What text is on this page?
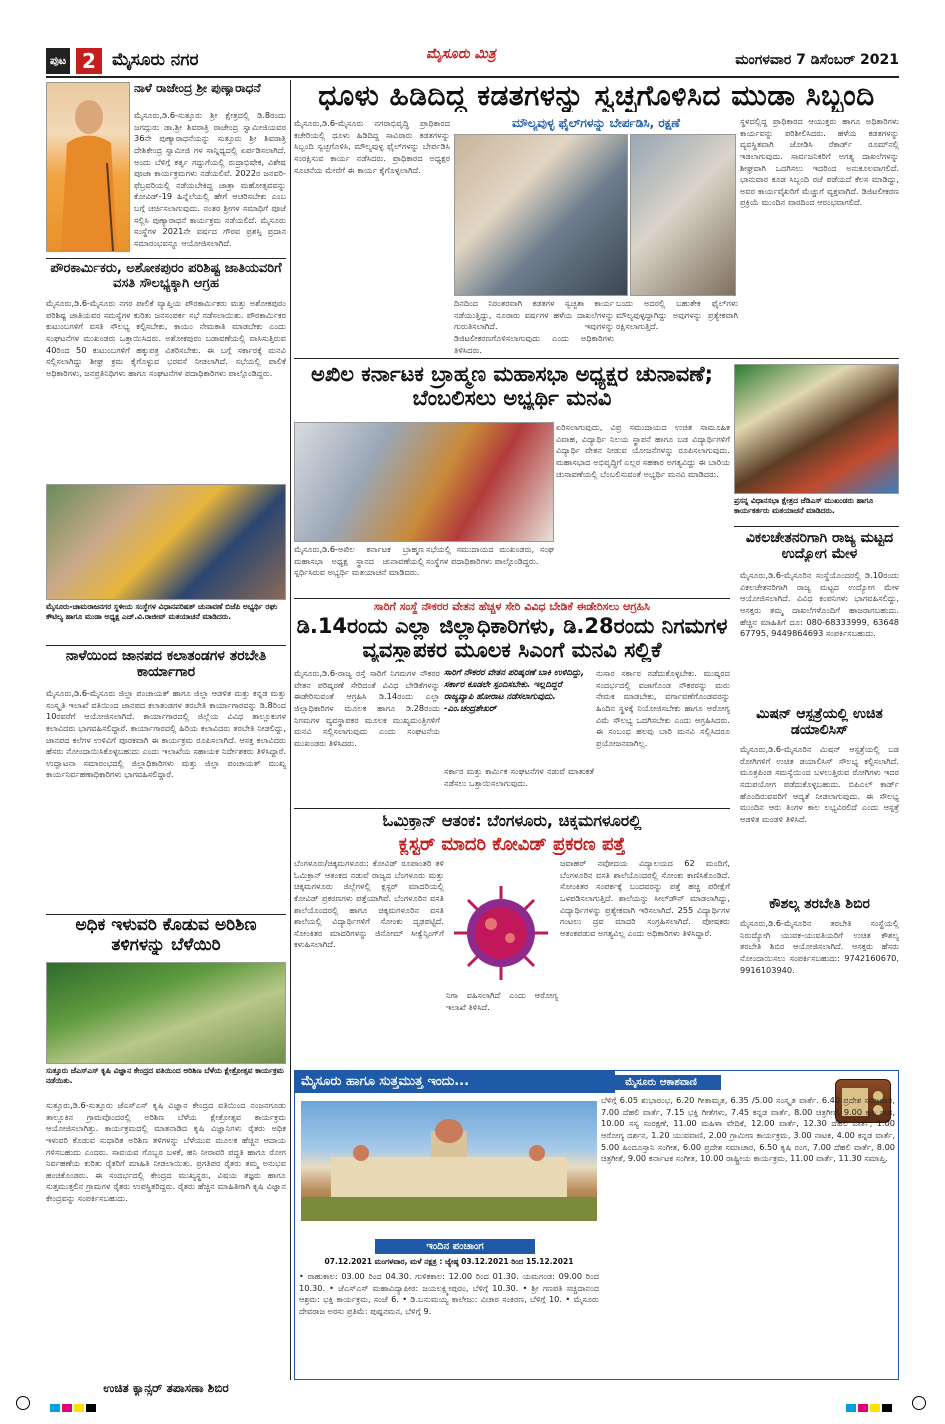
ಪುಟ 2 ಮೈಸೂರು ನಗರ	ಮೈಸೂರು ಮಿತ್ರ	ಮಂಗಳವಾರ 7 ಡಿಸೆಂಬರ್ 2021
ನಾಳೆ ರಾಜೇಂದ್ರ ಶ್ರೀ ಪುಣ್ಯಾರಾಧನೆ
ಮೈಸೂರು,ಡಿ.6-ಸುತ್ತೂರು ಶ್ರೀ ಕ್ಷೇತ್ರದಲ್ಲಿ ಡಿ.8ರಂದು ಜಗದ್ಗುರು ಡಾ.ಶ್ರೀ ಶಿವರಾತ್ರಿ ರಾಜೇಂದ್ರ ಸ್ವಾಮೀಜಿಯವರ 36ನೇ ಪುಣ್ಯಾರಾಧನೆಯನ್ನು ಸುತ್ತೂರು ಶ್ರೀ ಶಿವರಾತ್ರಿ ದೇಶಿಕೇಂದ್ರ ಸ್ವಾಮೀಜಿ ಗಳ ಸಾನ್ನಿಧ್ಯದಲ್ಲಿ ಏರ್ಪಡಿಸಲಾಗಿದೆ. ಅಂದು ಬೆಳಿಗ್ಗೆ ಕರ್ತೃ ಗದ್ದುಗೆಯಲ್ಲಿ ರುದ್ರಾಭಿಷೇಕ, ವಿಶೇಷ ಪೂಜಾ ಕಾರ್ಯಕ್ರಮಗಳು ನಡೆಯಲಿವೆ. 2022ರ ಜನವರಿ-ಫೆಬ್ರವರಿಯಲ್ಲಿ ನಡೆಯಬೇಕಿದ್ದ ಜಾತ್ರಾ ಮಹೋತ್ಸವವನ್ನು ಕೋವಿಡ್-19 ಹಿನ್ನೆಲೆಯಲ್ಲಿ ಹೇಗೆ ಆಚರಿಸಬೇಕು ಎಂಬ ಬಗ್ಗೆ ಚರ್ಚಿಸಲಾಗುವುದು. ನಂತರ ಶ್ರೀಗಳ ಸಮಾಧಿಗೆ ಪೂಜೆ ಸಲ್ಲಿಸಿ ಪುಣ್ಯಾರಾಧನೆ ಕಾರ್ಯಕ್ರಮ ನಡೆಯಲಿದೆ. ಮೈಸೂರು ಸಂಸ್ಥೆಗಳ 2021ನೇ ವರ್ಷದ ಗೌರವ ಪ್ರಶಸ್ತಿ ಪ್ರದಾನ ಸಮಾರಂಭವನ್ನೂ ಆಯೋಜಿಸಲಾಗಿದೆ.
ಪೌರಕಾರ್ಮಿಕರು, ಅಶೋಕಪುರಂ ಪರಿಶಿಷ್ಟ ಜಾತಿಯವರಿಗೆ ವಸತಿ ಸೌಲಭ್ಯಕ್ಕಾಗಿ ಆಗ್ರಹ
ಮೈಸೂರು,ಡಿ.6-ಮೈಸೂರು ನಗರ ಪಾಲಿಕೆ ವ್ಯಾಪ್ತಿಯ ಪೌರಕಾರ್ಮಿಕರು ಮತ್ತು ಅಶೋಕಪುರಂ ಪರಿಶಿಷ್ಟ ಜಾತಿಯವರ ಸಮಸ್ಯೆಗಳ ಕುರಿತು ಜನಸಂಪರ್ಕ ಸಭೆ ನಡೆಸಲಾಯಿತು. ಪೌರಕಾರ್ಮಿಕರ ಕುಟುಂಬಗಳಿಗೆ ವಸತಿ ಸೌಲಭ್ಯ ಕಲ್ಪಿಸಬೇಕು, ಕಾಯಂ ನೇಮಕಾತಿ ಮಾಡಬೇಕು ಎಂದು ಸಂಘಟನೆಗಳ ಮುಖಂಡರು ಒತ್ತಾಯಿಸಿದರು. ಅಶೋಕಪುರಂ ಬಡಾವಣೆಯಲ್ಲಿ ವಾಸಿಸುತ್ತಿರುವ 40ರಿಂದ 50 ಕುಟುಂಬಗಳಿಗೆ ಹಕ್ಕುಪತ್ರ ವಿತರಿಸಬೇಕು. ಈ ಬಗ್ಗೆ ಸರ್ಕಾರಕ್ಕೆ ಮನವಿ ಸಲ್ಲಿಸಲಾಗಿದ್ದು ಶೀಘ್ರ ಕ್ರಮ ಕೈಗೊಳ್ಳುವ ಭರವಸೆ ನೀಡಲಾಗಿದೆ. ಸಭೆಯಲ್ಲಿ ಪಾಲಿಕೆ ಅಧಿಕಾರಿಗಳು, ಜನಪ್ರತಿನಿಧಿಗಳು ಹಾಗೂ ಸಂಘಟನೆಗಳ ಪದಾಧಿಕಾರಿಗಳು ಪಾಲ್ಗೊಂಡಿದ್ದರು.
ಮೈಸೂರು-ಚಾಮರಾಜನಗರ ಸ್ಥಳೀಯ ಸಂಸ್ಥೆಗಳ ವಿಧಾನಪರಿಷತ್ ಚುನಾವಣೆ ಬಿಜೆಪಿ ಅಭ್ಯರ್ಥಿ ರಘು ಕೌಟಿಲ್ಯ ಹಾಗೂ ಮುಡಾ ಅಧ್ಯಕ್ಷ ಎಚ್.ವಿ.ರಾಜೀವ್ ಮತಯಾಚನೆ ಮಾಡಿದರು.
ನಾಳೆಯಿಂದ ಜಾನಪದ ಕಲಾತಂಡಗಳ ತರಬೇತಿ ಕಾರ್ಯಾಗಾರ
ಮೈಸೂರು,ಡಿ.6-ಮೈಸೂರು ಜಿಲ್ಲಾ ಪಂಚಾಯತ್ ಹಾಗೂ ಜಿಲ್ಲಾ ಆಡಳಿತ ಮತ್ತು ಕನ್ನಡ ಮತ್ತು ಸಂಸ್ಕೃತಿ ಇಲಾಖೆ ವತಿಯಿಂದ ಜಾನಪದ ಕಲಾತಂಡಗಳ ತರಬೇತಿ ಕಾರ್ಯಾಗಾರವನ್ನು ಡಿ.8ರಿಂದ 10ರವರೆಗೆ ಆಯೋಜಿಸಲಾಗಿದೆ. ಕಾರ್ಯಾಗಾರದಲ್ಲಿ ಜಿಲ್ಲೆಯ ವಿವಿಧ ತಾಲ್ಲೂಕುಗಳ ಕಲಾವಿದರು ಭಾಗವಹಿಸಲಿದ್ದಾರೆ. ಕಾರ್ಯಾಗಾರದಲ್ಲಿ ಹಿರಿಯ ಕಲಾವಿದರು ತರಬೇತಿ ನೀಡಲಿದ್ದು, ಜಾನಪದ ಕಲೆಗಳ ಉಳಿವಿಗೆ ಪೂರಕವಾಗಿ ಈ ಕಾರ್ಯಕ್ರಮ ರೂಪಿಸಲಾಗಿದೆ. ಆಸಕ್ತ ಕಲಾವಿದರು ಹೆಸರು ನೋಂದಾಯಿಸಿಕೊಳ್ಳಬಹುದು ಎಂದು ಇಲಾಖೆಯ ಸಹಾಯಕ ನಿರ್ದೇಶಕರು ತಿಳಿಸಿದ್ದಾರೆ. ಉದ್ಘಾಟನಾ ಸಮಾರಂಭದಲ್ಲಿ ಜಿಲ್ಲಾಧಿಕಾರಿಗಳು ಮತ್ತು ಜಿಲ್ಲಾ ಪಂಚಾಯತ್ ಮುಖ್ಯ ಕಾರ್ಯನಿರ್ವಹಣಾಧಿಕಾರಿಗಳು ಭಾಗವಹಿಸಲಿದ್ದಾರೆ.
ಅಧಿಕ ಇಳುವರಿ ಕೊಡುವ ಅರಿಶಿಣ ತಳಿಗಳನ್ನು ಬೆಳೆಯಿರಿ
ಸುತ್ತೂರು ಜೆಎಸ್‌ಎಸ್ ಕೃಷಿ ವಿಜ್ಞಾನ ಕೇಂದ್ರದ ವತಿಯಿಂದ ಅರಿಶಿಣ ಬೆಳೆಯ ಕ್ಷೇತ್ರೋತ್ಸವ ಕಾರ್ಯಕ್ರಮ ನಡೆಯಿತು.
ಸುತ್ತೂರು,ಡಿ.6-ಸುತ್ತೂರು ಜೆಎಸ್‌ಎಸ್ ಕೃಷಿ ವಿಜ್ಞಾನ ಕೇಂದ್ರದ ವತಿಯಿಂದ ನಂಜನಗೂಡು ತಾಲ್ಲೂಕಿನ ಗ್ರಾಮವೊಂದರಲ್ಲಿ ಅರಿಶಿಣ ಬೆಳೆಯ ಕ್ಷೇತ್ರೋತ್ಸವ ಕಾರ್ಯಕ್ರಮ ಆಯೋಜಿಸಲಾಗಿತ್ತು. ಕಾರ್ಯಕ್ರಮದಲ್ಲಿ ಮಾತನಾಡಿದ ಕೃಷಿ ವಿಜ್ಞಾನಿಗಳು ರೈತರು ಅಧಿಕ ಇಳುವರಿ ಕೊಡುವ ಸುಧಾರಿತ ಅರಿಶಿಣ ತಳಿಗಳನ್ನು ಬೆಳೆಯುವ ಮೂಲಕ ಹೆಚ್ಚಿನ ಆದಾಯ ಗಳಿಸಬಹುದು ಎಂದರು. ಸಾವಯವ ಗೊಬ್ಬರ ಬಳಕೆ, ಹನಿ ನೀರಾವರಿ ಪದ್ಧತಿ ಹಾಗೂ ರೋಗ ನಿರ್ವಹಣೆಯ ಕುರಿತು ರೈತರಿಗೆ ಮಾಹಿತಿ ನೀಡಲಾಯಿತು. ಪ್ರಗತಿಪರ ರೈತರು ತಮ್ಮ ಅನುಭವ ಹಂಚಿಕೊಂಡರು. ಈ ಸಂದರ್ಭದಲ್ಲಿ ಕೇಂದ್ರದ ಮುಖ್ಯಸ್ಥರು, ವಿಷಯ ತಜ್ಞರು ಹಾಗೂ ಸುತ್ತಮುತ್ತಲಿನ ಗ್ರಾಮಗಳ ರೈತರು ಉಪಸ್ಥಿತರಿದ್ದರು. ರೈತರು ಹೆಚ್ಚಿನ ಮಾಹಿತಿಗಾಗಿ ಕೃಷಿ ವಿಜ್ಞಾನ ಕೇಂದ್ರವನ್ನು ಸಂಪರ್ಕಿಸಬಹುದು.
ಉಚಿತ ಕ್ಯಾನ್ಸರ್ ತಪಾಸಣಾ ಶಿಬಿರ
ಧೂಳು ಹಿಡಿದಿದ್ದ ಕಡತಗಳನ್ನು ಸ್ವಚ್ಛಗೊಳಿಸಿದ ಮುಡಾ ಸಿಬ್ಬಂದಿ
ಮೌಲ್ಯವುಳ್ಳ ಫೈಲ್‌ಗಳನ್ನು ಬೇರ್ಪಡಿಸಿ, ರಕ್ಷಣೆ
ಮೈಸೂರು,ಡಿ.6-ಮೈಸೂರು ನಗರಾಭಿವೃದ್ಧಿ ಪ್ರಾಧಿಕಾರದ ಕಚೇರಿಯಲ್ಲಿ ಧೂಳು ಹಿಡಿದಿದ್ದ ಸಾವಿರಾರು ಕಡತಗಳನ್ನು ಸಿಬ್ಬಂದಿ ಸ್ವಚ್ಛಗೊಳಿಸಿ, ಮೌಲ್ಯವುಳ್ಳ ಫೈಲ್‌ಗಳನ್ನು ಬೇರ್ಪಡಿಸಿ ಸಂರಕ್ಷಿಸುವ ಕಾರ್ಯ ನಡೆಸಿದರು. ಪ್ರಾಧಿಕಾರದ ಅಧ್ಯಕ್ಷರ ಸೂಚನೆಯ ಮೇರೆಗೆ ಈ ಕಾರ್ಯ ಕೈಗೊಳ್ಳಲಾಗಿದೆ.
ದಿನದಿಂದ ನಿರಂತರವಾಗಿ ಕಡತಗಳ ಸ್ವಚ್ಛತಾ ಕಾರ್ಯ ನಡೆಯುತ್ತಿದ್ದು, ನೂರಾರು ವರ್ಷಗಳ ಹಳೆಯ ದಾಖಲೆಗಳನ್ನು ಗುರುತಿಸಲಾಗಿದೆ. ಇವುಗಳನ್ನು ಡಿಜಿಟಲೀಕರಣಗೊಳಿಸಲಾಗುವುದು ಎಂದು ಅಧಿಕಾರಿಗಳು ತಿಳಿಸಿದರು.
ಬಂದು ಅದರಲ್ಲಿ ಬಹುತೇಕ ಫೈಲ್‌ಗಳು ಮೌಲ್ಯವುಳ್ಳದ್ದಾಗಿದ್ದು ಅವುಗಳನ್ನು ಪ್ರತ್ಯೇಕವಾಗಿ ರಕ್ಷಿಸಲಾಗುತ್ತಿದೆ.
ಸ್ಥಳದಲ್ಲಿದ್ದ ಪ್ರಾಧಿಕಾರದ ಆಯುಕ್ತರು ಹಾಗೂ ಅಧಿಕಾರಿಗಳು ಕಾರ್ಯವನ್ನು ಪರಿಶೀಲಿಸಿದರು. ಹಳೆಯ ಕಡತಗಳನ್ನು ವ್ಯವಸ್ಥಿತವಾಗಿ ಜೋಡಿಸಿ ರೆಕಾರ್ಡ್ ರೂಮ್‌ನಲ್ಲಿ ಇಡಲಾಗುವುದು. ಸಾರ್ವಜನಿಕರಿಗೆ ಅಗತ್ಯ ದಾಖಲೆಗಳನ್ನು ಶೀಘ್ರವಾಗಿ ಒದಗಿಸಲು ಇದರಿಂದ ಅನುಕೂಲವಾಗಲಿದೆ. ಭಾನುವಾರ ಕೂಡ ಸಿಬ್ಬಂದಿ ರಜೆ ಪಡೆಯದೆ ಕೆಲಸ ಮಾಡಿದ್ದು, ಅವರ ಕಾರ್ಯವೈಖರಿಗೆ ಮೆಚ್ಚುಗೆ ವ್ಯಕ್ತವಾಗಿದೆ. ಡಿಜಿಟಲೀಕರಣ ಪ್ರಕ್ರಿಯೆ ಮುಂದಿನ ವಾರದಿಂದ ಆರಂಭವಾಗಲಿದೆ.
ಅಖಿಲ ಕರ್ನಾಟಕ ಬ್ರಾಹ್ಮಣ ಮಹಾಸಭಾ ಅಧ್ಯಕ್ಷರ ಚುನಾವಣೆ; ಬೆಂಬಲಿಸಲು ಅಭ್ಯರ್ಥಿ ಮನವಿ
ಏರಿಸಲಾಗುವುದು, ವಿಪ್ರ ಸಮುದಾಯದ ಉಚಿತ ಸಾಮೂಹಿಕ ವಿವಾಹ, ವಿದ್ಯಾರ್ಥಿ ನಿಲಯ ಸ್ಥಾಪನೆ ಹಾಗೂ ಬಡ ವಿದ್ಯಾರ್ಥಿಗಳಿಗೆ ವಿದ್ಯಾರ್ಥಿ ವೇತನ ನೀಡುವ ಯೋಜನೆಗಳನ್ನು ರೂಪಿಸಲಾಗುವುದು. ಮಹಾಸಭಾದ ಅಭಿವೃದ್ಧಿಗೆ ಎಲ್ಲರ ಸಹಕಾರ ಅಗತ್ಯವಿದ್ದು ಈ ಬಾರಿಯ ಚುನಾವಣೆಯಲ್ಲಿ ಬೆಂಬಲಿಸುವಂತೆ ಅಭ್ಯರ್ಥಿ ಮನವಿ ಮಾಡಿದರು.
ಮೈಸೂರು,ಡಿ.6-ಅಖಿಲ ಕರ್ನಾಟಕ ಬ್ರಾಹ್ಮಣ ಮಹಾಸಭಾ ಅಧ್ಯಕ್ಷ ಸ್ಥಾನದ ಚುನಾವಣೆಯಲ್ಲಿ ಸ್ಪರ್ಧಿಸಿರುವ ಅಭ್ಯರ್ಥಿ ಮತಯಾಚನೆ ಮಾಡಿದರು.
ಸಭೆಯಲ್ಲಿ ಸಮುದಾಯದ ಮುಖಂಡರು, ಸಂಘ ಸಂಸ್ಥೆಗಳ ಪದಾಧಿಕಾರಿಗಳು ಪಾಲ್ಗೊಂಡಿದ್ದರು.
ಪ್ರಸನ್ನ ವಿಧಾನಸಭಾ ಕ್ಷೇತ್ರದ ಜೆಡಿಎಸ್ ಮುಖಂಡರು ಹಾಗೂ ಕಾರ್ಯಕರ್ತರು ಮತಯಾಚನೆ ಮಾಡಿದರು.
ವಿಕಲಚೇತನರಿಗಾಗಿ ರಾಜ್ಯ ಮಟ್ಟದ ಉದ್ಯೋಗ ಮೇಳ
ಮೈಸೂರು,ಡಿ.6-ಮೈಸೂರಿನ ಸಂಸ್ಥೆಯೊಂದರಲ್ಲಿ ಡಿ.10ರಂದು ವಿಕಲಚೇತನರಿಗಾಗಿ ರಾಜ್ಯ ಮಟ್ಟದ ಉದ್ಯೋಗ ಮೇಳ ಆಯೋಜಿಸಲಾಗಿದೆ. ವಿವಿಧ ಕಂಪನಿಗಳು ಭಾಗವಹಿಸಲಿದ್ದು, ಆಸಕ್ತರು ತಮ್ಮ ದಾಖಲೆಗಳೊಂದಿಗೆ ಹಾಜರಾಗಬಹುದು. ಹೆಚ್ಚಿನ ಮಾಹಿತಿಗೆ ದೂ: 080-68333999, 63648 67795, 9449864693 ಸಂಪರ್ಕಿಸಬಹುದು.
ಮಿಷನ್ ಆಸ್ಪತ್ರೆಯಲ್ಲಿ ಉಚಿತ ಡಯಾಲಿಸಿಸ್
ಮೈಸೂರು,ಡಿ.6-ಮೈಸೂರಿನ ಮಿಷನ್ ಆಸ್ಪತ್ರೆಯಲ್ಲಿ ಬಡ ರೋಗಿಗಳಿಗೆ ಉಚಿತ ಡಯಾಲಿಸಿಸ್ ಸೌಲಭ್ಯ ಕಲ್ಪಿಸಲಾಗಿದೆ. ಮೂತ್ರಪಿಂಡ ಸಮಸ್ಯೆಯಿಂದ ಬಳಲುತ್ತಿರುವ ರೋಗಿಗಳು ಇದರ ಸದುಪಯೋಗ ಪಡೆದುಕೊಳ್ಳಬಹುದು. ಬಿಪಿಎಲ್ ಕಾರ್ಡ್ ಹೊಂದಿರುವವರಿಗೆ ಆದ್ಯತೆ ನೀಡಲಾಗುವುದು. ಈ ಸೌಲಭ್ಯ ಮುಂದಿನ ಆರು ತಿಂಗಳ ಕಾಲ ಲಭ್ಯವಿರಲಿದೆ ಎಂದು ಆಸ್ಪತ್ರೆ ಆಡಳಿತ ಮಂಡಳಿ ತಿಳಿಸಿದೆ.
ಕೌಶಲ್ಯ ತರಬೇತಿ ಶಿಬಿರ
ಮೈಸೂರು,ಡಿ.6-ಮೈಸೂರಿನ ತರಬೇತಿ ಸಂಸ್ಥೆಯಲ್ಲಿ ನಿರುದ್ಯೋಗಿ ಯುವಕ-ಯುವತಿಯರಿಗೆ ಉಚಿತ ಕೌಶಲ್ಯ ತರಬೇತಿ ಶಿಬಿರ ಆಯೋಜಿಸಲಾಗಿದೆ. ಆಸಕ್ತರು ಹೆಸರು ನೋಂದಾಯಿಸಲು ಸಂಪರ್ಕಿಸಬಹುದು: 9742160670, 9916103940.
ಸಾರಿಗೆ ಸಂಸ್ಥೆ ನೌಕರರ ವೇತನ ಹೆಚ್ಚಳ ಸೇರಿ ವಿವಿಧ ಬೇಡಿಕೆ ಈಡೇರಿಸಲು ಆಗ್ರಹಿಸಿ
ಡಿ.14ರಂದು ಎಲ್ಲಾ ಜಿಲ್ಲಾಧಿಕಾರಿಗಳು, ಡಿ.28ರಂದು ನಿಗಮಗಳ ವ್ಯವಸ್ಥಾಪಕರ ಮೂಲಕ ಸಿಎಂಗೆ ಮನವಿ ಸಲ್ಲಿಕೆ
ಮೈಸೂರು,ಡಿ.6-ರಾಜ್ಯ ರಸ್ತೆ ಸಾರಿಗೆ ನಿಗಮಗಳ ನೌಕರರ ವೇತನ ಪರಿಷ್ಕರಣೆ ಸೇರಿದಂತೆ ವಿವಿಧ ಬೇಡಿಕೆಗಳನ್ನು ಈಡೇರಿಸುವಂತೆ ಆಗ್ರಹಿಸಿ ಡಿ.14ರಂದು ಎಲ್ಲಾ ಜಿಲ್ಲಾಧಿಕಾರಿಗಳ ಮೂಲಕ ಹಾಗೂ ಡಿ.28ರಂದು ನಿಗಮಗಳ ವ್ಯವಸ್ಥಾಪಕರ ಮೂಲಕ ಮುಖ್ಯಮಂತ್ರಿಗಳಿಗೆ ಮನವಿ ಸಲ್ಲಿಸಲಾಗುವುದು ಎಂದು ಸಂಘಟನೆಯ ಮುಖಂಡರು ತಿಳಿಸಿದರು.
ಸಾರಿಗೆ ನೌಕರರ ವೇತನ ಪರಿಷ್ಕರಣೆ ಬಾಕಿ ಉಳಿದಿದ್ದು, ಸರ್ಕಾರ ಕೂಡಲೇ ಸ್ಪಂದಿಸಬೇಕು. ಇಲ್ಲದಿದ್ದರೆ ರಾಜ್ಯವ್ಯಾಪಿ ಹೋರಾಟ ನಡೆಸಲಾಗುವುದು. -ಎಂ.ಚಂದ್ರಶೇಖರ್
ನುಸಾರ ಸರ್ಕಾರ ನಡೆದುಕೊಳ್ಳಬೇಕು. ಮುಷ್ಕರದ ಸಂದರ್ಭದಲ್ಲಿ ವಜಾಗೊಂಡ ನೌಕರರನ್ನು ಮರು ನೇಮಕ ಮಾಡಬೇಕು, ವರ್ಗಾವಣೆಗೊಂಡವರನ್ನು ಹಿಂದಿನ ಸ್ಥಳಕ್ಕೆ ನಿಯೋಜಿಸಬೇಕು ಹಾಗೂ ಆರೋಗ್ಯ ವಿಮೆ ಸೌಲಭ್ಯ ಒದಗಿಸಬೇಕು ಎಂದು ಆಗ್ರಹಿಸಿದರು. ಈ ಸಂಬಂಧ ಹಲವು ಬಾರಿ ಮನವಿ ಸಲ್ಲಿಸಿದರೂ ಪ್ರಯೋಜನವಾಗಿಲ್ಲ.
ಸರ್ಕಾರ ಮತ್ತು ಕಾರ್ಮಿಕ ಸಂಘಟನೆಗಳ ನಡುವೆ ಮಾತುಕತೆ ನಡೆಸಲು ಒತ್ತಾಯಿಸಲಾಗುವುದು.
ಓಮಿಕ್ರಾನ್ ಆತಂಕ: ಬೆಂಗಳೂರು, ಚಿಕ್ಕಮಗಳೂರಲ್ಲಿ
ಕ್ಲಸ್ಟರ್ ಮಾದರಿ ಕೋವಿಡ್ ಪ್ರಕರಣ ಪತ್ತೆ
ಬೆಂಗಳೂರು/ಚಿಕ್ಕಮಗಳೂರು: ಕೋವಿಡ್ ರೂಪಾಂತರಿ ತಳಿ ಓಮಿಕ್ರಾನ್ ಆತಂಕದ ನಡುವೆ ರಾಜ್ಯದ ಬೆಂಗಳೂರು ಮತ್ತು ಚಿಕ್ಕಮಗಳೂರು ಜಿಲ್ಲೆಗಳಲ್ಲಿ ಕ್ಲಸ್ಟರ್ ಮಾದರಿಯಲ್ಲಿ ಕೋವಿಡ್ ಪ್ರಕರಣಗಳು ಪತ್ತೆಯಾಗಿವೆ. ಬೆಂಗಳೂರಿನ ವಸತಿ ಶಾಲೆಯೊಂದರಲ್ಲಿ ಹಾಗೂ ಚಿಕ್ಕಮಗಳೂರಿನ ವಸತಿ ಶಾಲೆಯಲ್ಲಿ ವಿದ್ಯಾರ್ಥಿಗಳಿಗೆ ಸೋಂಕು ದೃಢಪಟ್ಟಿದೆ. ಸೋಂಕಿತರ ಮಾದರಿಗಳನ್ನು ಜಿನೋಮ್ ಸೀಕ್ವೆನ್ಸಿಂಗ್‌ಗೆ ಕಳುಹಿಸಲಾಗಿದೆ.
ನಿಗಾ ವಹಿಸಲಾಗಿದೆ ಎಂದು ಆರೋಗ್ಯ ಇಲಾಖೆ ತಿಳಿಸಿದೆ.
ಜವಾಹರ್ ನವೋದಯ ವಿದ್ಯಾಲಯದ 62 ಮಂದಿಗೆ, ಬೆಂಗಳೂರಿನ ವಸತಿ ಶಾಲೆಯೊಂದರಲ್ಲಿ ಸೋಂಕು ಕಾಣಿಸಿಕೊಂಡಿದೆ. ಸೋಂಕಿತರ ಸಂಪರ್ಕಕ್ಕೆ ಬಂದವರನ್ನು ಪತ್ತೆ ಹಚ್ಚಿ ಪರೀಕ್ಷೆಗೆ ಒಳಪಡಿಸಲಾಗುತ್ತಿದೆ. ಶಾಲೆಯನ್ನು ಸೀಲ್‌ಡೌನ್ ಮಾಡಲಾಗಿದ್ದು, ವಿದ್ಯಾರ್ಥಿಗಳನ್ನು ಪ್ರತ್ಯೇಕವಾಗಿ ಇರಿಸಲಾಗಿದೆ. 255 ವಿದ್ಯಾರ್ಥಿಗಳ ಗಂಟಲು ದ್ರವ ಮಾದರಿ ಸಂಗ್ರಹಿಸಲಾಗಿದೆ. ಪೋಷಕರು ಆತಂಕಪಡುವ ಅಗತ್ಯವಿಲ್ಲ ಎಂದು ಅಧಿಕಾರಿಗಳು ತಿಳಿಸಿದ್ದಾರೆ.
ಮೈಸೂರು ಹಾಗೂ ಸುತ್ತಮುತ್ತ ಇಂದು...
ಇಂದಿನ ಪಂಚಾಂಗ
07.12.2021 ಮಂಗಳವಾರ, ಮಳೆ ನಕ್ಷತ್ರ : ಜ್ಯೇಷ್ಠ 03.12.2021 ರಿಂದ 15.12.2021
• ರಾಹುಕಾಲ: 03.00 ರಿಂದ 04.30. ಗುಳಿಕಕಾಲ: 12.00 ರಿಂದ 01.30. ಯಮಗಂಡ: 09.00 ರಿಂದ 10.30. • ಜೆಎಸ್‌ಎಸ್ ಮಹಾವಿದ್ಯಾಪೀಠ: ಜಯಲಕ್ಷ್ಮೀಪುರಂ, ಬೆಳಿಗ್ಗೆ 10.30. • ಶ್ರೀ ಗಣಪತಿ ಸಚ್ಚಿದಾನಂದ ಆಶ್ರಮ: ಭಕ್ತಿ ಕಾರ್ಯಕ್ರಮ, ಸಂಜೆ 6. • ಡಿ.ಬನುಮಯ್ಯ ಕಾಲೇಜು: ವಿಚಾರ ಸಂಕಿರಣ, ಬೆಳಿಗ್ಗೆ 10. • ಮೈಸೂರು ದೇವರಾಜ ಅರಸು ಪ್ರತಿಮೆ: ಪುಷ್ಪನಮನ, ಬೆಳಿಗ್ಗೆ 9.
ಮೈಸೂರು ಆಕಾಶವಾಣಿ
ಬೆಳಿಗ್ಗೆ 6.05 ಶುಭಾರಂಭ, 6.20 ಗೀತಾಮೃತ, 6.35 /5.00 ಸಂಸ್ಕೃತ ವಾರ್ತೆ. 6.40 ಪ್ರದೇಶ ಸಮಾಚಾರ, 7.00 ದೆಹಲಿ ವಾರ್ತೆ, 7.15 ಭಕ್ತಿ ಗೀತೆಗಳು, 7.45 ಕನ್ನಡ ವಾರ್ತೆ, 8.00 ಚಿತ್ರಗೀತೆ, 9.00 ಕೃಷಿ ರಂಗ, 10.00 ಸಸ್ಯ ಸಂರಕ್ಷಣೆ, 11.00 ಮಹಿಳಾ ವೇದಿಕೆ, 12.00 ವಾರ್ತೆ, 12.30 ದೆಹಲಿ ವಾರ್ತೆ, 1.00 ಆರೋಗ್ಯ ದರ್ಶನ, 1.20 ಯುವವಾಣಿ, 2.00 ಗ್ರಾಮೀಣ ಕಾರ್ಯಕ್ರಮ, 3.00 ನಾಟಕ, 4.00 ಕನ್ನಡ ವಾರ್ತೆ, 5.00 ಹಿಂದೂಸ್ತಾನಿ ಸಂಗೀತ, 6.00 ಪ್ರದೇಶ ಸಮಾಚಾರ, 6.50 ಕೃಷಿ ರಂಗ, 7.00 ದೆಹಲಿ ವಾರ್ತೆ, 8.00 ಚಿತ್ರಗೀತೆ, 9.00 ಕರ್ನಾಟಕ ಸಂಗೀತ, 10.00 ರಾಷ್ಟ್ರೀಯ ಕಾರ್ಯಕ್ರಮ, 11.00 ವಾರ್ತೆ, 11.30 ಸಮಾಪ್ತಿ.
